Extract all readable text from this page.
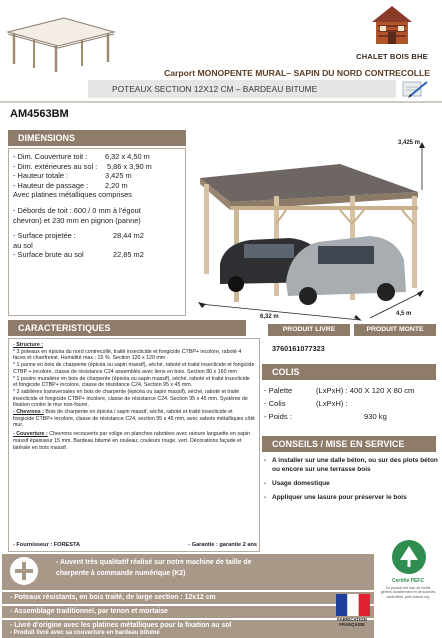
CHALET BOIS BHE
Carport MONOPENTE MURAL– SAPIN DU NORD CONTRECOLLE
POTEAUX SECTION 12X12 CM – BARDEAU BITUME
AM4563BM
DIMENSIONS
- Dim. Couverture toit :	6,32 x 4,50 m
- Dim. extérieures au sol :	5,86 x 3,90 m
- Hauteur totale :	3,425 m
- Hauteur de passage :	2,20 m
Avec platines métalliques comprises
- Débords de toit : 600 / 0 mm à l’égout
chevron) et 230 mm en pignon (panne)
- Surface projetée :	28,44 m2
au sol
- Surface brute au sol	22,85 m2
3,425 m
6,32 m	4,5 m
CARACTERISTIQUES
- Structure :
* 3 poteaux en épicéa du nord contrecollé, traité insecticide et fongicide CTBP+ incolore, raboté 4 faces et chanfreiné. Humidité max.: 15 %. Section 120 x 120 mm
* 1 panne en bois de charpente (épicéa ou sapin massif), séché, raboté et traité insecticide et fongicide CTBP + incolore, classe de résistance C24 assemblés avec liens en bois. Section 80 x 160 mm
* 1 poutre muralière en bois de charpente (épicéa ou sapin massif), séché, raboté et traité insecticide et fongicide CTBP+ incolore, classe de résistance C24. Section 95 x 45 mm.
* 3 sablières transversales en bois de charpente (épicéa ou sapin massif), séché, raboté et traité insecticide et fongicide CTBP+ incolore, classe de résistance C24. Section 95 x 45 mm. Système de fixation contre le mur non-fourni.
- Chevrons : Bois de charpente en épicéa / sapin massif, séché, raboté et traité insecticide et fongicide CTBP+ incolore, classe de résistance C24, section 95 x 45 mm, avec sabots métalliques côté mur.
- Couverture : Chevrons recouverts par volige en planches rabotées avec rainure languette en sapin massif épaisseur 15 mm. Bardeau bitumé en rouleau; couleurs rouge, vert. Décorations façade et latérale en bois massif.
- Fournisseur : FORESTA	- Garantie : garantie 2 ans
PRODUIT LIVRE	PRODUIT MONTE
3760161077323
COLIS
- Palette	(LxPxH) : 400 X 120 X 80 cm
- Colis	(LxPxH) :
- Poids :	930 kg
CONSEILS / MISE EN SERVICE
- A installer sur une dalle béton, ou sur des plots béton ou encore sur une terrasse bois
- Usage domestique
- Appliquer une lasure pour préserver le bois
- Auvent très qualitatif réalisé sur notre machine de taille de
charpente à commande numérique (K2)
- Poteaux résistants, en bois traité, de large section : 12x12 cm
- Assemblage traditionnel, par tenon et mortaise
- Livré d’origine avec les platines métalliques pour la fixation au sol
- Produit livré avec sa couverture en bardeau bitumé
FABRICATION FRANÇAISE
Certifié PEFC
Ce produit est issu de forêts gérées durablement et de sources contrôlées. pefc-france.org
